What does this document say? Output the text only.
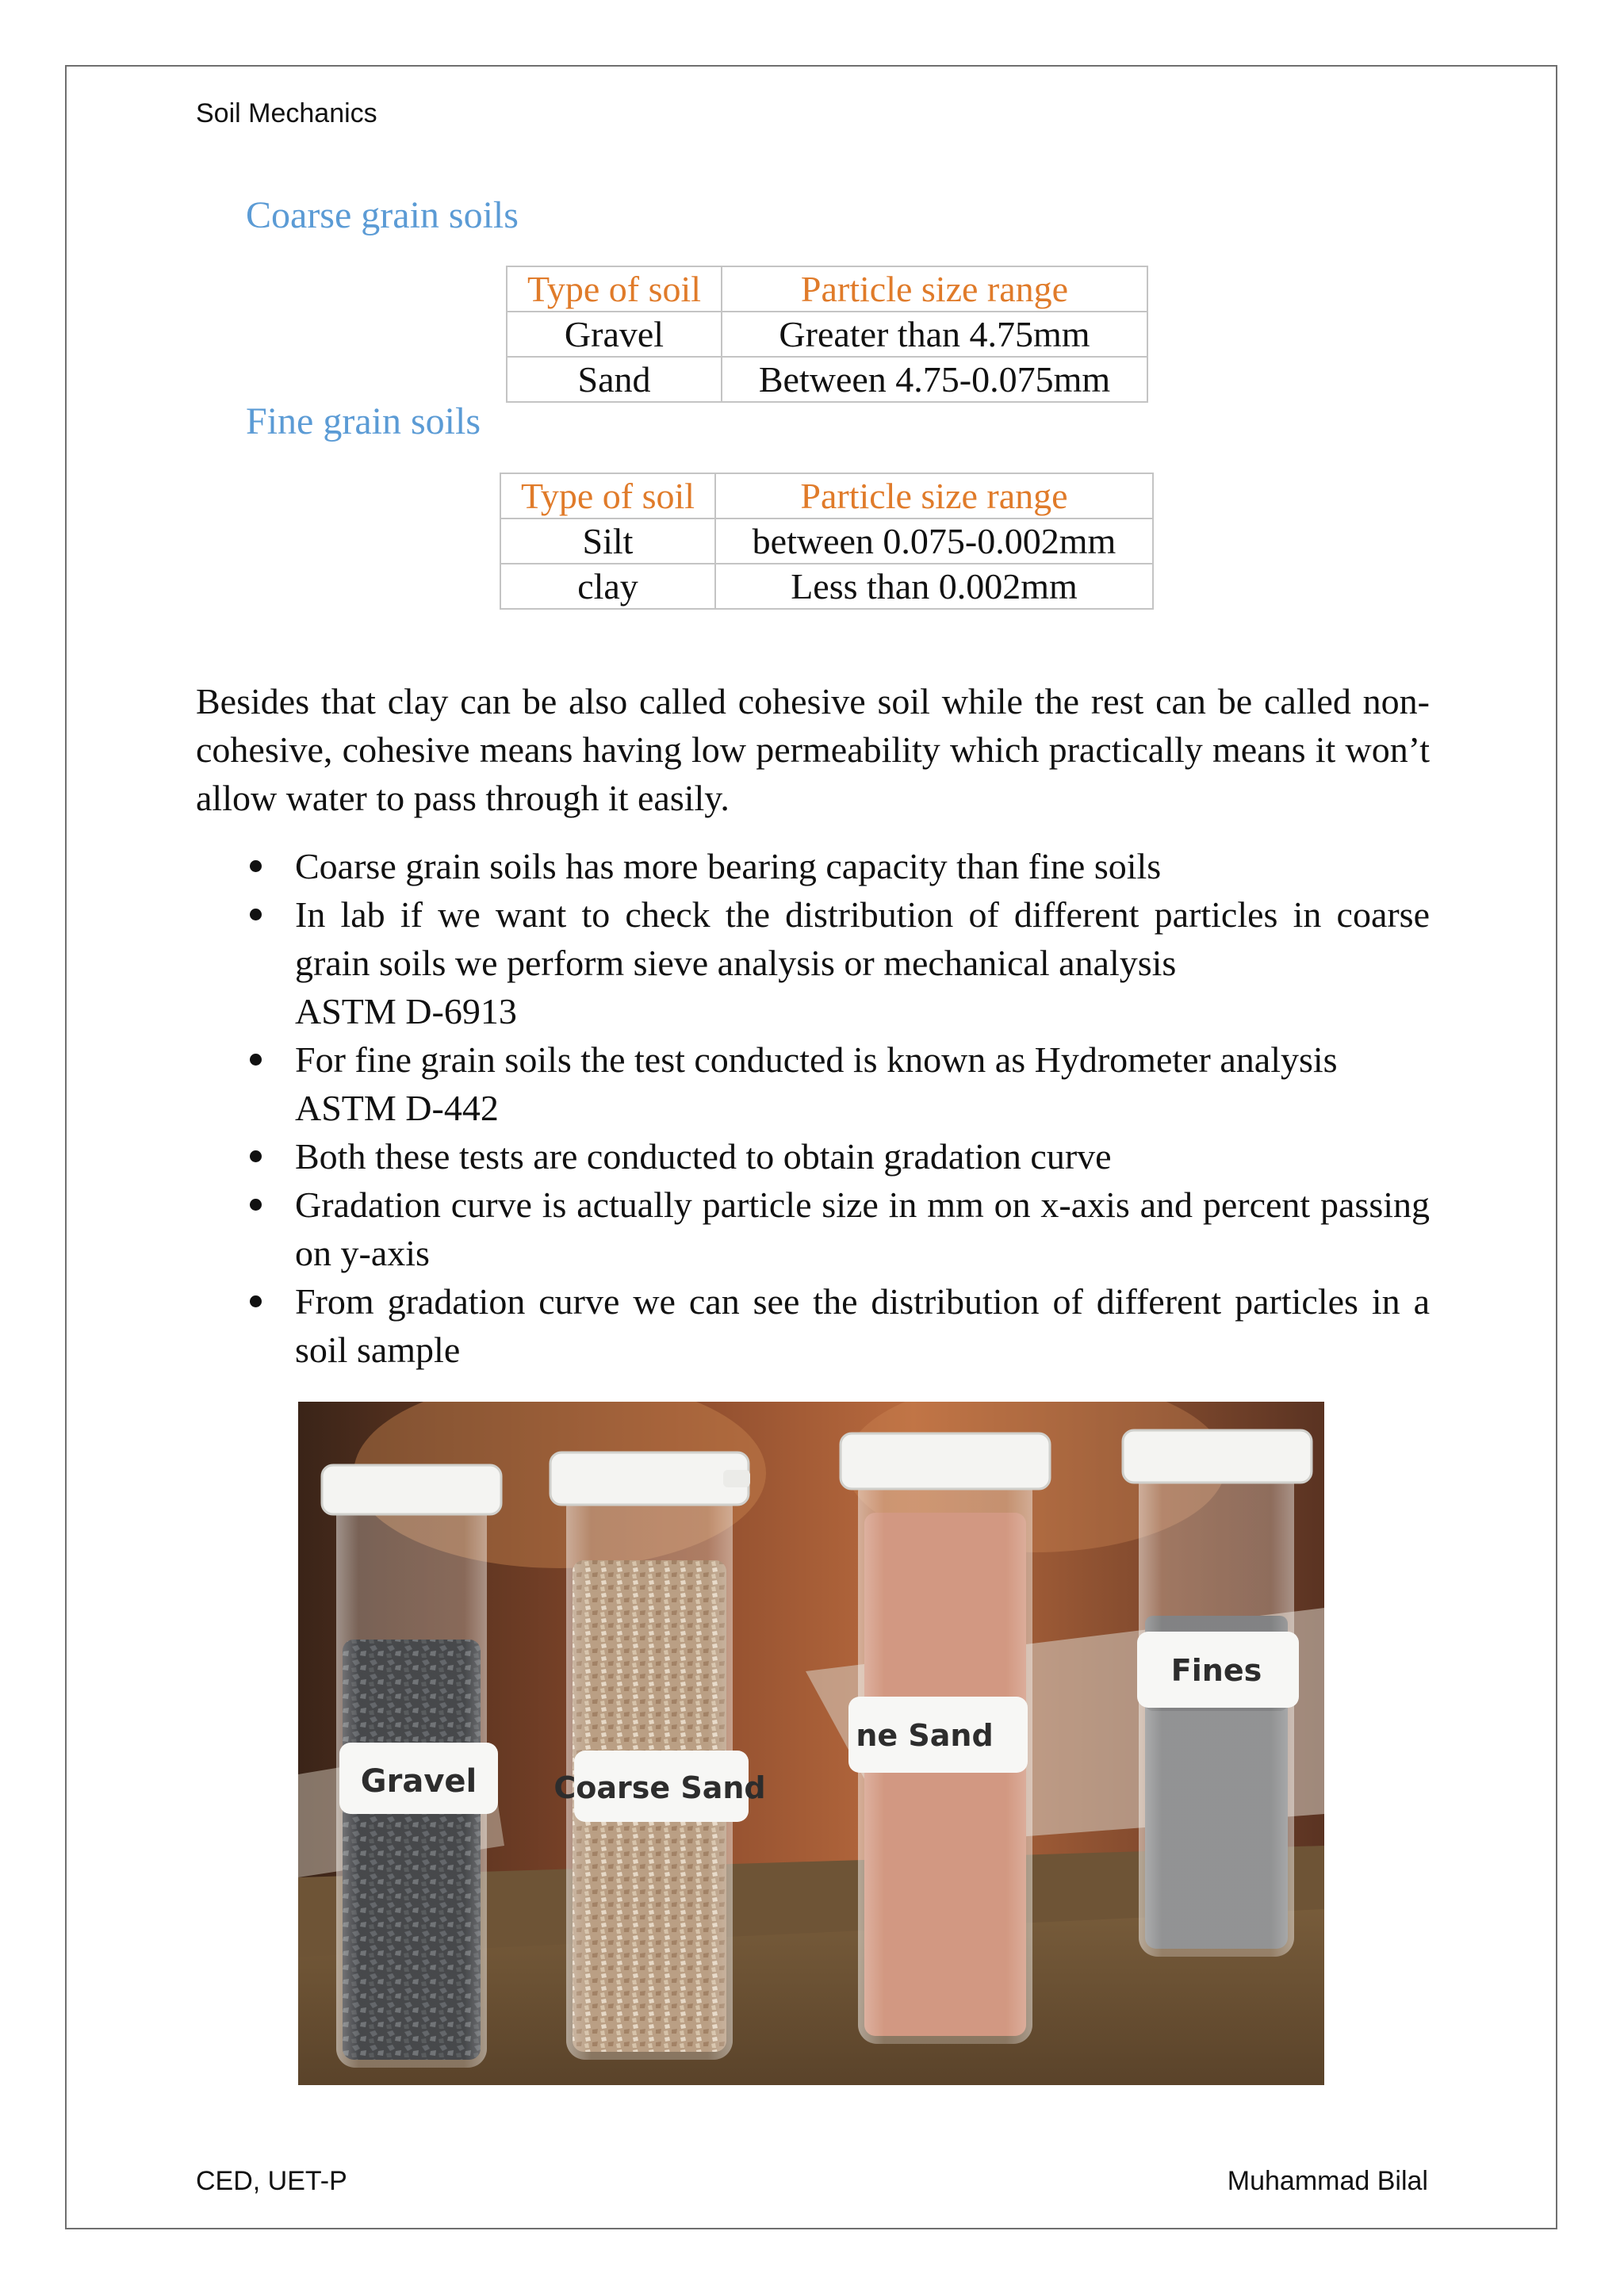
Soil Mechanics
Coarse grain soils
Type of soil	Particle size range
Gravel	Greater than 4.75mm
Sand	Between 4.75-0.075mm
Fine grain soils
Type of soil	Particle size range
Silt	between 0.075-0.002mm
clay	Less than 0.002mm
Besides that clay can be also called cohesive soil while the rest can be called non-cohesive, cohesive means having low permeability which practically means it won’t allow water to pass through it easily.
Coarse grain soils has more bearing capacity than fine soils
In lab if we want to check the distribution of different particles in coarse grain soils we perform sieve analysis or mechanical analysis
ASTM D-6913
For fine grain soils the test conducted is known as Hydrometer analysis
ASTM D-442
Both these tests are conducted to obtain gradation curve
Gradation curve is actually particle size in mm on x-axis and percent passing on y-axis
From gradation curve we can see the distribution of different particles in a soil sample
Gravel	Coarse Sand
ne Sand
Fines
CED, UET-P	Muhammad Bilal
